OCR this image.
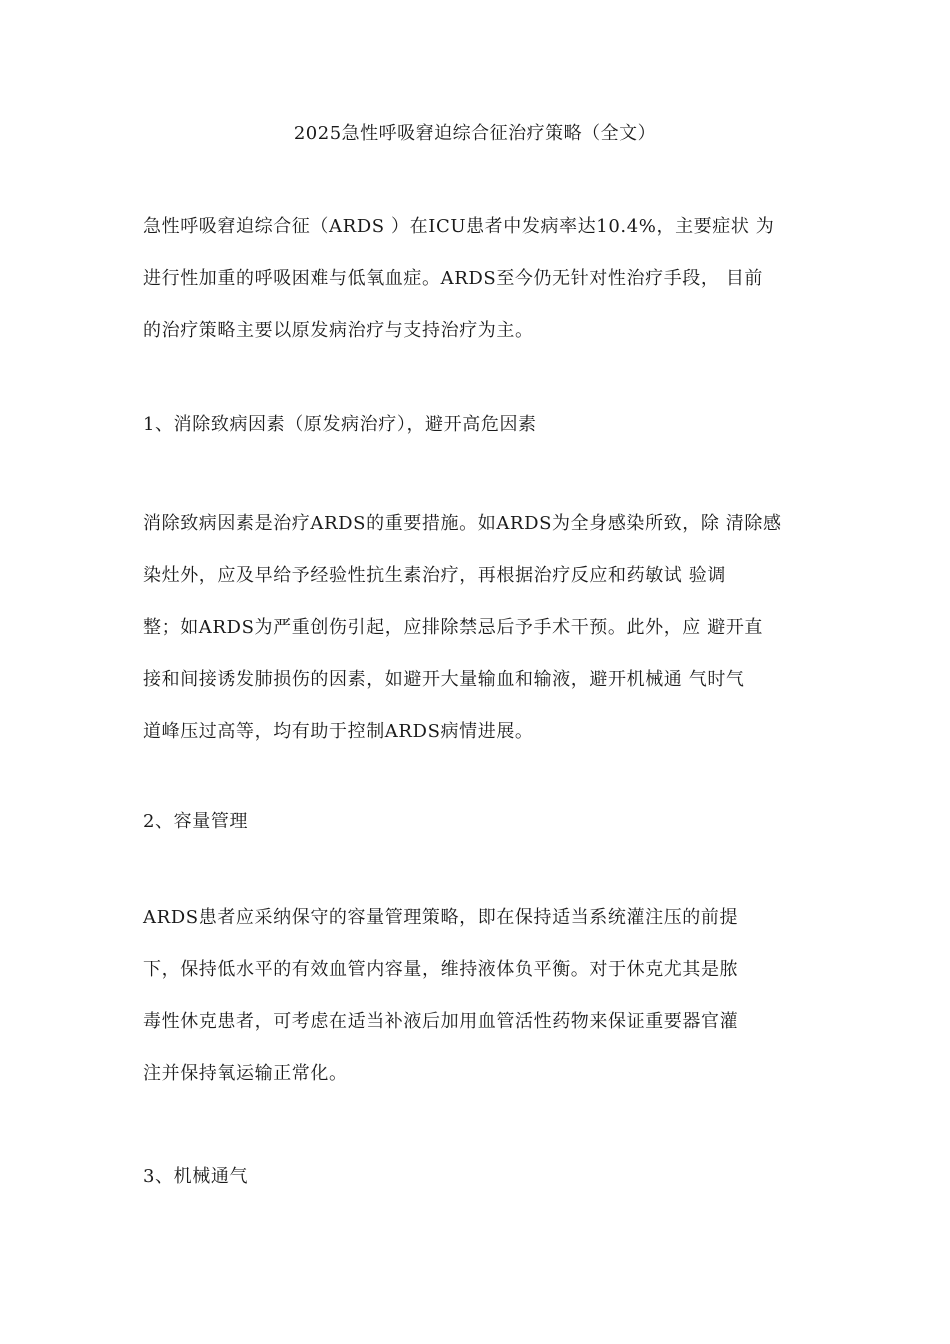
2025急性呼吸窘迫综合征治疗策略（全文）
急性呼吸窘迫综合征（ARDS ）在ICU患者中发病率达10.4%，主要症状 为
进行性加重的呼吸困难与低氧血症。ARDS至今仍无针对性治疗手段， 目前
的治疗策略主要以原发病治疗与支持治疗为主。
1、消除致病因素（原发病治疗），避开高危因素
消除致病因素是治疗ARDS的重要措施。如ARDS为全身感染所致，除 清除感
染灶外，应及早给予经验性抗生素治疗，再根据治疗反应和药敏试 验调
整；如ARDS为严重创伤引起，应排除禁忌后予手术干预。此外，应 避开直
接和间接诱发肺损伤的因素，如避开大量输血和输液，避开机械通 气时气
道峰压过高等，均有助于控制ARDS病情进展。
2、容量管理
ARDS患者应采纳保守的容量管理策略，即在保持适当系统灌注压的前提
下，保持低水平的有效血管内容量，维持液体负平衡。对于休克尤其是脓
毒性休克患者，可考虑在适当补液后加用血管活性药物来保证重要器官灌
注并保持氧运输正常化。
3、机械通气
